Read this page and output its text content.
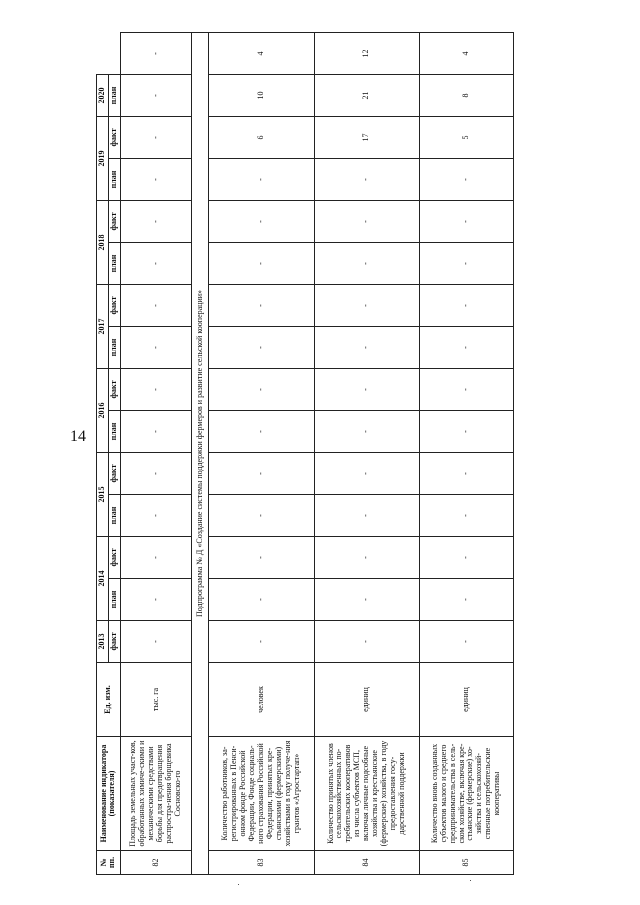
14
№ пп.	Наименование индикатора (показателя)	Ед. изм.	2013	2014		2015		2016		2017		2018		2019		2020	
			факт	план	факт	план	факт	план	факт	план	факт	план	факт	план	факт	план	
82	Площадь земельных участ-ков, обработанных химиче-скими и механическими средствами борьбы для предотвращения распростра-нения борщевика Сосновско-го	тыс. га	-	-	-	-	-	-	-	-	-	-	-	-	-	-	-
Подпрограмма № Д «Создание системы поддержки фермеров и развитие сельской кооперации»																	
83	Количество работников, за-регистрированных в Пенси-онном фонде Российской Федерации, Фонде социаль-ного страхования Российской Федерации, принятых кре-стьянскими (фермерскими) хозяйствами в году получе-ния грантов «Агростартап»	человек	-	-	-	-	-	-	-	-	-	-	-	-	6	10	4
84	Количество принятых членов сельскохозяйственных по-требительских кооперативов из числа субъектов МСП, включая личные подсобные хозяйства и крестьянские (фермерские) хозяйства, в году предоставления госу-дарственной поддержки	единиц	-	-	-	-	-	-	-	-	-	-	-	-	17	21	12
85	Количество вновь созданных субъектов малого и среднего предпринимательства в сель-ском хозяйстве, включая кре-стьянские (фермерские) хо-зяйства и сельскохозяй-ственные потребительские кооперативы	единиц	-	-	-	-	-	-	-	-	-	-	-	-	5	8	4
